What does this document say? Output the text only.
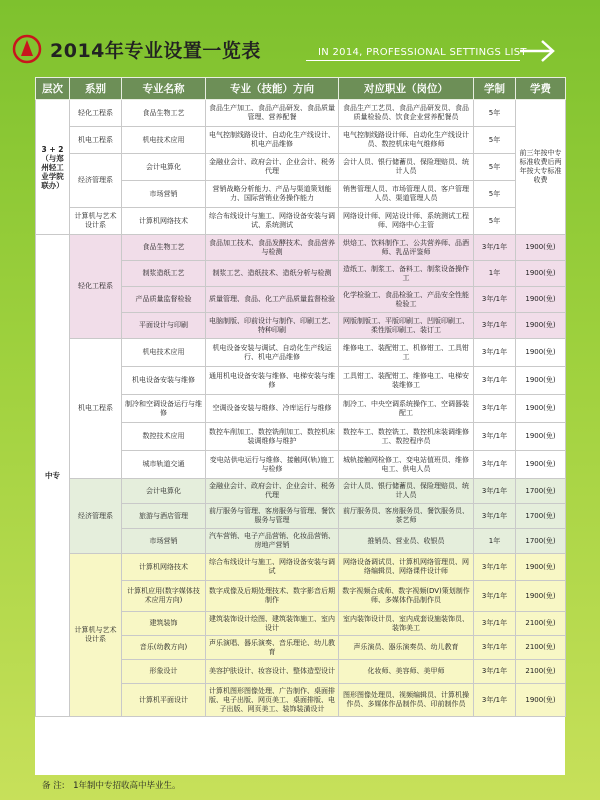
2014年专业设置一览表	IN 2014, PROFESSIONAL SETTINGS LIST
层次	系别	专业名称	专业（技能）方向	对应职业（岗位）	学制	学费
3 + 2（与郑州轻工业学院联办）	轻化工程系	食品生物工艺	食品生产加工、食品产品研发、食品质量管理、营养配餐	食品生产工艺员、食品产品研发员、食品质量检验员、饮食企业营养配餐员	5年	前三年按中专标准收费后两年按大专标准收费
	机电工程系	机电技术应用	电气控制线路设计、自动化生产线设计、机电产品维修	电气控制线路设计师、自动化生产线设计员、数控机床电气维修师	5年	
	经济管理系	会计电算化	金融业会计、政府会计、企业会计、税务代理	会计人员、银行储蓄员、保险理赔员、统计人员	5年	
		市场营销	营销战略分析能力、产品与渠道策划能力、国际营销业务操作能力	销售管理人员、市场管理人员、客户管理人员、渠道管理人员	5年	
	计算机与艺术设计系	计算机网络技术	综合布线设计与施工、网络设备安装与调试、系统测试	网络设计师、网站设计师、系统测试工程师、网络中心主管	5年	
中专	轻化工程系	食品生物工艺	食品加工技术、食品发酵技术、食品营养与检测	烘焙工、饮料制作工、公共营养师、品酒师、乳品评鉴师	3年/1年	1900(免)
		制浆造纸工艺	制浆工艺、造纸技术、造纸分析与检测	造纸工、制浆工、备料工、制浆设备操作工	1年	1900(免)
		产品质量监督检验	质量管理、食品、化工产品质量监督检验	化学检验工、食品检验工、产品安全性能检验工	3年/1年	1900(免)
		平面设计与印刷	电脑制版、印前设计与制作、印刷工艺、特种印刷	网版制版工、平版印刷工、凹版印刷工、柔性版印刷工、装订工	3年/1年	1900(免)
	机电工程系	机电技术应用	机电设备安装与调试、自动化生产线运行、机电产品维修	维修电工、装配钳工、机修钳工、工具钳工	3年/1年	1900(免)
		机电设备安装与维修	通用机电设备安装与维修、电梯安装与维修	工具钳工、装配钳工、维修电工、电梯安装维修工	3年/1年	1900(免)
		制冷和空调设备运行与维修	空调设备安装与维修、冷库运行与维修	制冷工、中央空调系统操作工、空调器装配工	3年/1年	1900(免)
		数控技术应用	数控车削加工、数控铣削加工、数控机床装调维修与维护	数控车工、数控铣工、数控机床装调维修工、数控程序员	3年/1年	1900(免)
		城市轨道交通	变电站供电运行与维修、接触网(轨)施工与检修	城轨接触网检修工、变电站值班员、维修电工、供电人员	3年/1年	1900(免)
	经济管理系	会计电算化	金融业会计、政府会计、企业会计、税务代理	会计人员、银行储蓄员、保险理赔员、统计人员	3年/1年	1700(免)
		旅游与酒店管理	前厅服务与管理、客房服务与管理、餐饮服务与管理	前厅服务员、客房服务员、餐饮服务员、茶艺师	3年/1年	1700(免)
		市场营销	汽车营销、电子产品营销、化妆品营销、房地产营销	推销员、营业员、收银员	1年	1700(免)
	计算机与艺术设计系	计算机网络技术	综合布线设计与施工、网络设备安装与调试	网络设备调试员、计算机网络管理员、网络编辑员、网络课件设计师	3年/1年	1900(免)
		计算机应用(数字媒体技术应用方向)	数字成像及后期处理技术、数字影音后期制作	数字视频合成师、数字视频(DV)策划制作师、多媒体作品制作员	3年/1年	1900(免)
		建筑装饰	建筑装饰设计绘图、建筑装饰施工、室内设计	室内装饰设计员、室内成套设施装饰员、装饰美工	3年/1年	2100(免)
		音乐(幼教方向)	声乐演唱、器乐演奏、音乐理论、幼儿教育	声乐演员、器乐演奏员、幼儿教育	3年/1年	2100(免)
		形象设计	美容护肤设计、妆容设计、整体造型设计	化妆师、美容师、美甲师	3年/1年	2100(免)
		计算机平面设计	计算机图形图像处理、广告制作、桌面排版、电子出版、网页美工、桌面排版、电子出版、网页美工、装饰装潢设计	图形图像处理员、视频编辑员、计算机操作员、多媒体作品制作员、印前制作员	3年/1年	1900(免)
备 注:　1年制中专招收高中毕业生。
